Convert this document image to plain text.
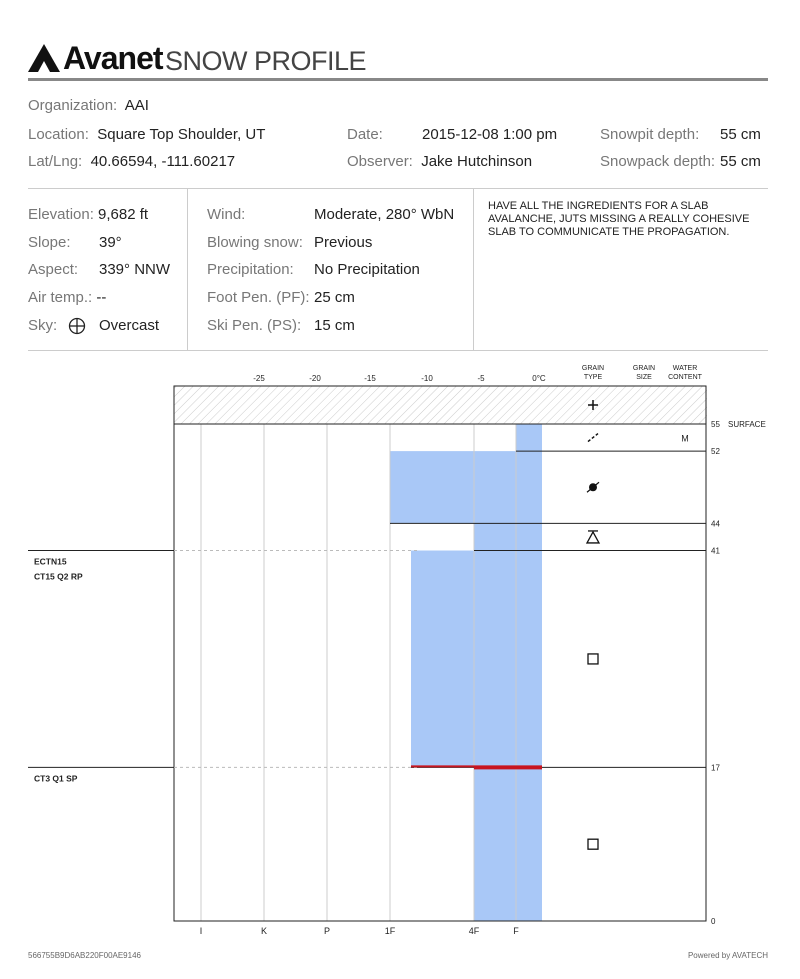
Avanet SNOW PROFILE
Organization: AAI
Location: Square Top Shoulder, UT
Lat/Lng: 40.66594, -111.60217
Date:	2015-12-08 1:00 pm
Observer: Jake Hutchinson
Snowpit depth: 55 cm
Snowpack depth: 55 cm
Elevation: 9,682 ft
Slope: 39°
Aspect: 339° NNW
Air temp.: --
Sky:	Overcast
Wind:	Moderate, 280° WbN
Blowing snow: Previous
Precipitation: No Precipitation
Foot Pen. (PF): 25 cm
Ski Pen. (PS): 15 cm
HAVE ALL THE INGREDIENTS FOR A SLAB AVALANCHE, JUTS MISSING A REALLY COHESIVE SLAB TO COMMUNICATE THE PROPAGATION.
ECTN15
CT15 Q2 RP
CT3 Q1 SP
-25	-20	-15	-10	-5	0°C
GRAIN
TYPE
GRAIN
SIZE
WATER
CONTENT
I	K	P	1F	4F	F
55 SURFACE
0
17
41
44
52
M
566755B9D6AB220F00AE9146	Powered by AVATECH
